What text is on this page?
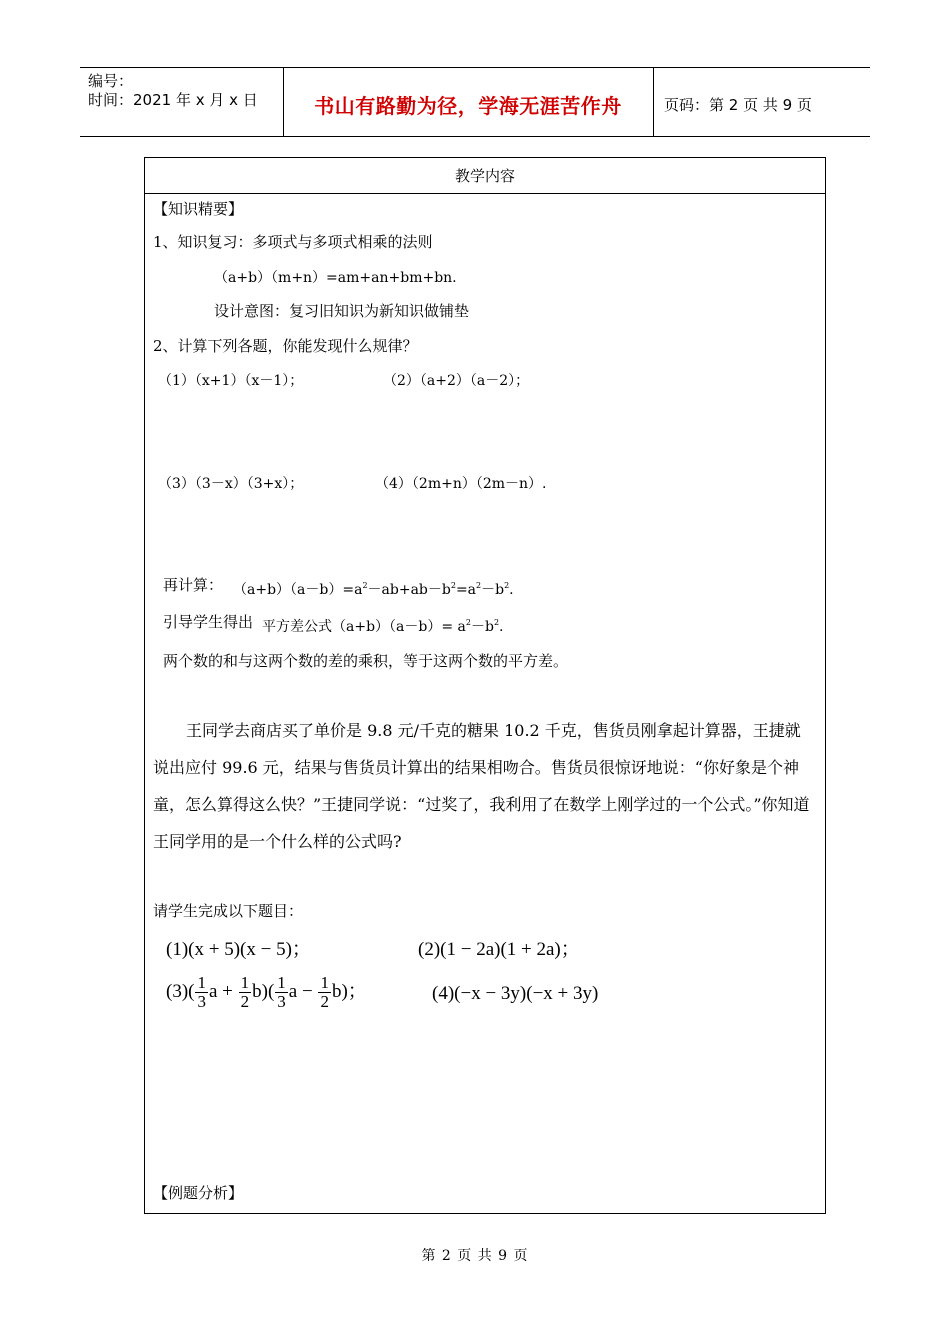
编号：
时间：2021 年 x 月 x 日	书山有路勤为径，学海无涯苦作舟	页码：第 2 页 共 9 页
教学内容
【知识精要】
1、知识复习：多项式与多项式相乘的法则
（a+b）（m+n）=am+an+bm+bn.
设计意图：复习旧知识为新知识做铺垫
2、计算下列各题，你能发现什么规律？
（1）（x+1）（x－1）；	（2）（a+2）（a－2）；
（3）（3－x）（3+x）；	（4）（2m+n）（2m－n）.
再计算： $(a+b)(a-b)=a^2-ab+ab-b^2=a^2-b^2$.
引导学生得出 平方差公式$(a+b)(a-b)= a^2-b^2$.
两个数的和与这两个数的差的乘积，等于这两个数的平方差。
王同学去商店买了单价是 9.8 元/千克的糖果 10.2 千克，售货员刚拿起计算器，王捷就说出应付 99.6 元，结果与售货员计算出的结果相吻合。售货员很惊讶地说：“你好象是个神童，怎么算得这么快？”王捷同学说：“过奖了，我利用了在数学上刚学过的一个公式。”你知道王同学用的是一个什么样的公式吗?
请学生完成以下题目：
(1)(x + 5)(x − 5)；	(2)(1 − 2a)(1 + 2a)；
$(3)( \frac{1}{3}$ $a + \frac{1}{2} b)( \frac{1}{3}$ $a - \frac{1}{2} b$)；	(4)(−x − 3y)(−x + 3y)
【例题分析】
第 2 页 共 9 页
